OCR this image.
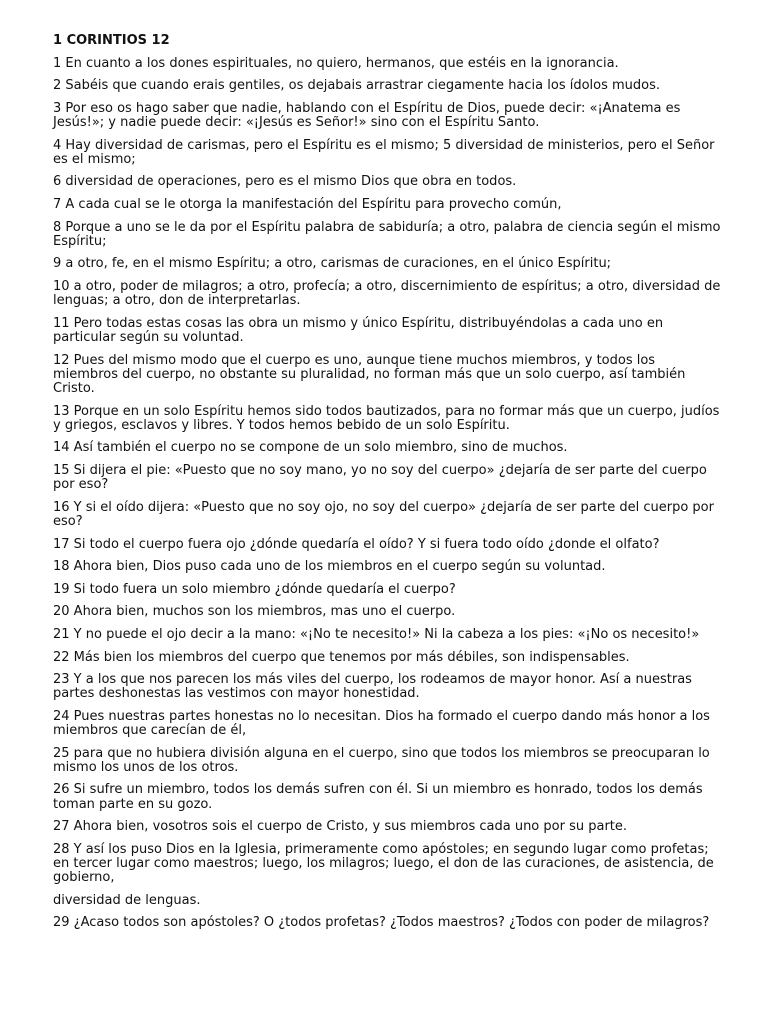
1 CORINTIOS 12
1 En cuanto a los dones espirituales, no quiero, hermanos, que estéis en la ignorancia.
2 Sabéis que cuando erais gentiles, os dejabais arrastrar ciegamente hacia los ídolos mudos.
3 Por eso os hago saber que nadie, hablando con el Espíritu de Dios, puede decir: «¡Anatema es Jesús!»; y nadie puede decir: «¡Jesús es Señor!» sino con el Espíritu Santo.
4 Hay diversidad de carismas, pero el Espíritu es el mismo; 5 diversidad de ministerios, pero el Señor es el mismo;
6 diversidad de operaciones, pero es el mismo Dios que obra en todos.
7 A cada cual se le otorga la manifestación del Espíritu para provecho común,
8 Porque a uno se le da por el Espíritu palabra de sabiduría; a otro, palabra de ciencia según el mismo Espíritu;
9 a otro, fe, en el mismo Espíritu; a otro, carismas de curaciones, en el único Espíritu;
10 a otro, poder de milagros; a otro, profecía; a otro, discernimiento de espíritus; a otro, diversidad de lenguas; a otro, don de interpretarlas.
11 Pero todas estas cosas las obra un mismo y único Espíritu, distribuyéndolas a cada uno en particular según su voluntad.
12 Pues del mismo modo que el cuerpo es uno, aunque tiene muchos miembros, y todos los miembros del cuerpo, no obstante su pluralidad, no forman más que un solo cuerpo, así también Cristo.
13 Porque en un solo Espíritu hemos sido todos bautizados, para no formar más que un cuerpo, judíos y griegos, esclavos y libres. Y todos hemos bebido de un solo Espíritu.
14 Así también el cuerpo no se compone de un solo miembro, sino de muchos.
15 Si dijera el pie: «Puesto que no soy mano, yo no soy del cuerpo» ¿dejaría de ser parte del cuerpo por eso?
16 Y si el oído dijera: «Puesto que no soy ojo, no soy del cuerpo» ¿dejaría de ser parte del cuerpo por eso?
17 Si todo el cuerpo fuera ojo ¿dónde quedaría el oído? Y si fuera todo oído ¿donde el olfato?
18 Ahora bien, Dios puso cada uno de los miembros en el cuerpo según su voluntad.
19 Si todo fuera un solo miembro ¿dónde quedaría el cuerpo?
20 Ahora bien, muchos son los miembros, mas uno el cuerpo.
21 Y no puede el ojo decir a la mano: «¡No te necesito!» Ni la cabeza a los pies: «¡No os necesito!»
22 Más bien los miembros del cuerpo que tenemos por más débiles, son indispensables.
23 Y a los que nos parecen los más viles del cuerpo, los rodeamos de mayor honor. Así a nuestras partes deshonestas las vestimos con mayor honestidad.
24 Pues nuestras partes honestas no lo necesitan. Dios ha formado el cuerpo dando más honor a los miembros que carecían de él,
25 para que no hubiera división alguna en el cuerpo, sino que todos los miembros se preocuparan lo mismo los unos de los otros.
26 Si sufre un miembro, todos los demás sufren con él. Si un miembro es honrado, todos los demás toman parte en su gozo.
27 Ahora bien, vosotros sois el cuerpo de Cristo, y sus miembros cada uno por su parte.
28 Y así los puso Dios en la Iglesia, primeramente como apóstoles; en segundo lugar como profetas; en tercer lugar como maestros; luego, los milagros; luego, el don de las curaciones, de asistencia, de gobierno,
diversidad de lenguas.
29 ¿Acaso todos son apóstoles? O ¿todos profetas? ¿Todos maestros? ¿Todos con poder de milagros?
